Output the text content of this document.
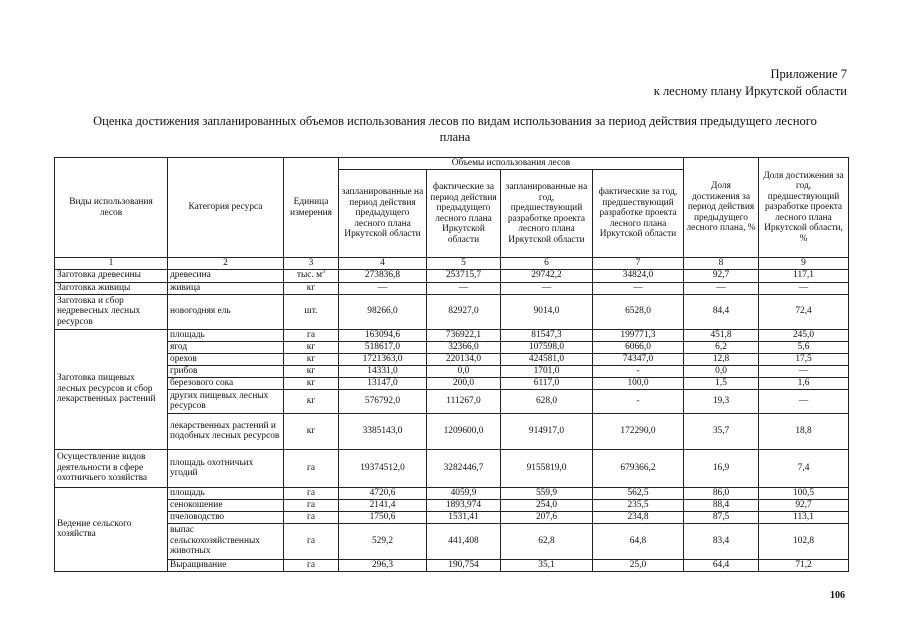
Приложение 7
к лесному плану Иркутской области
Оценка достижения запланированных объемов использования лесов по видам использования за период действия предыдущего лесного
плана
Виды использования лесов	Категория ресурса	Единица измерения	Объемы использования лесов				Доля достижения за период действия предыдущего лесного плана, %	Доля достижения за год, предшествующий разработке проекта лесного плана Иркутской области, %
			запланированные на период действия предыдущего лесного плана Иркутской области	фактические за период действия предыдущего лесного плана Иркутской области	запланированные на год, предшествующий разработке проекта лесного плана Иркутской области	фактические за год, предшествующий разработке проекта лесного плана Иркутской области		
1	2	3	4	5	6	7	8	9
Заготовка древесины	древесина	тыс. $м^3$	273836,8	253715,7	29742,2	34824,0	92,7	117,1
Заготовка живицы	живица	кг	—	—	—	—	—	—
Заготовка и сбор недревесных лесных ресурсов	новогодняя ель	шт.	98266,0	82927,0	9014,0	6528,0	84,4	72,4
Заготовка пищевых лесных ресурсов и сбор лекарственных растений	площадь	га	163094,6	736922,1	81547,3	199771,3	451,8	245,0
	ягод	кг	518617,0	32366,0	107598,0	6066,0	6,2	5,6
	орехов	кг	1721363,0	220134,0	424581,0	74347,0	12,8	17,5
	грибов	кг	14331,0	0,0	1701,0	-	0,0	—
	березового сока	кг	13147,0	200,0	6117,0	100,0	1,5	1,6
	других пищевых лесных ресурсов	кг	576792,0	111267,0	628,0	-	19,3	—
	лекарственных растений и подобных лесных ресурсов	кг	3385143,0	1209600,0	914917,0	172290,0	35,7	18,8
Осуществление видов деятельности в сфере охотничьего хозяйства	площадь охотничьих угодий	га	19374512,0	3282446,7	9155819,0	679366,2	16,9	7,4
Ведение сельского хозяйства	площадь	га	4720,6	4059,9	559,9	562,5	86,0	100,5
	сенокошение	га	2141,4	1893,974	254,0	235,5	88,4	92,7
	пчеловодство	га	1750,6	1531,41	207,6	234,8	87,5	113,1
	выпас сельскохозяйственных животных	га	529,2	441,408	62,8	64,8	83,4	102,8
	Выращивание	га	296,3	190,754	35,1	25,0	64,4	71,2
106
